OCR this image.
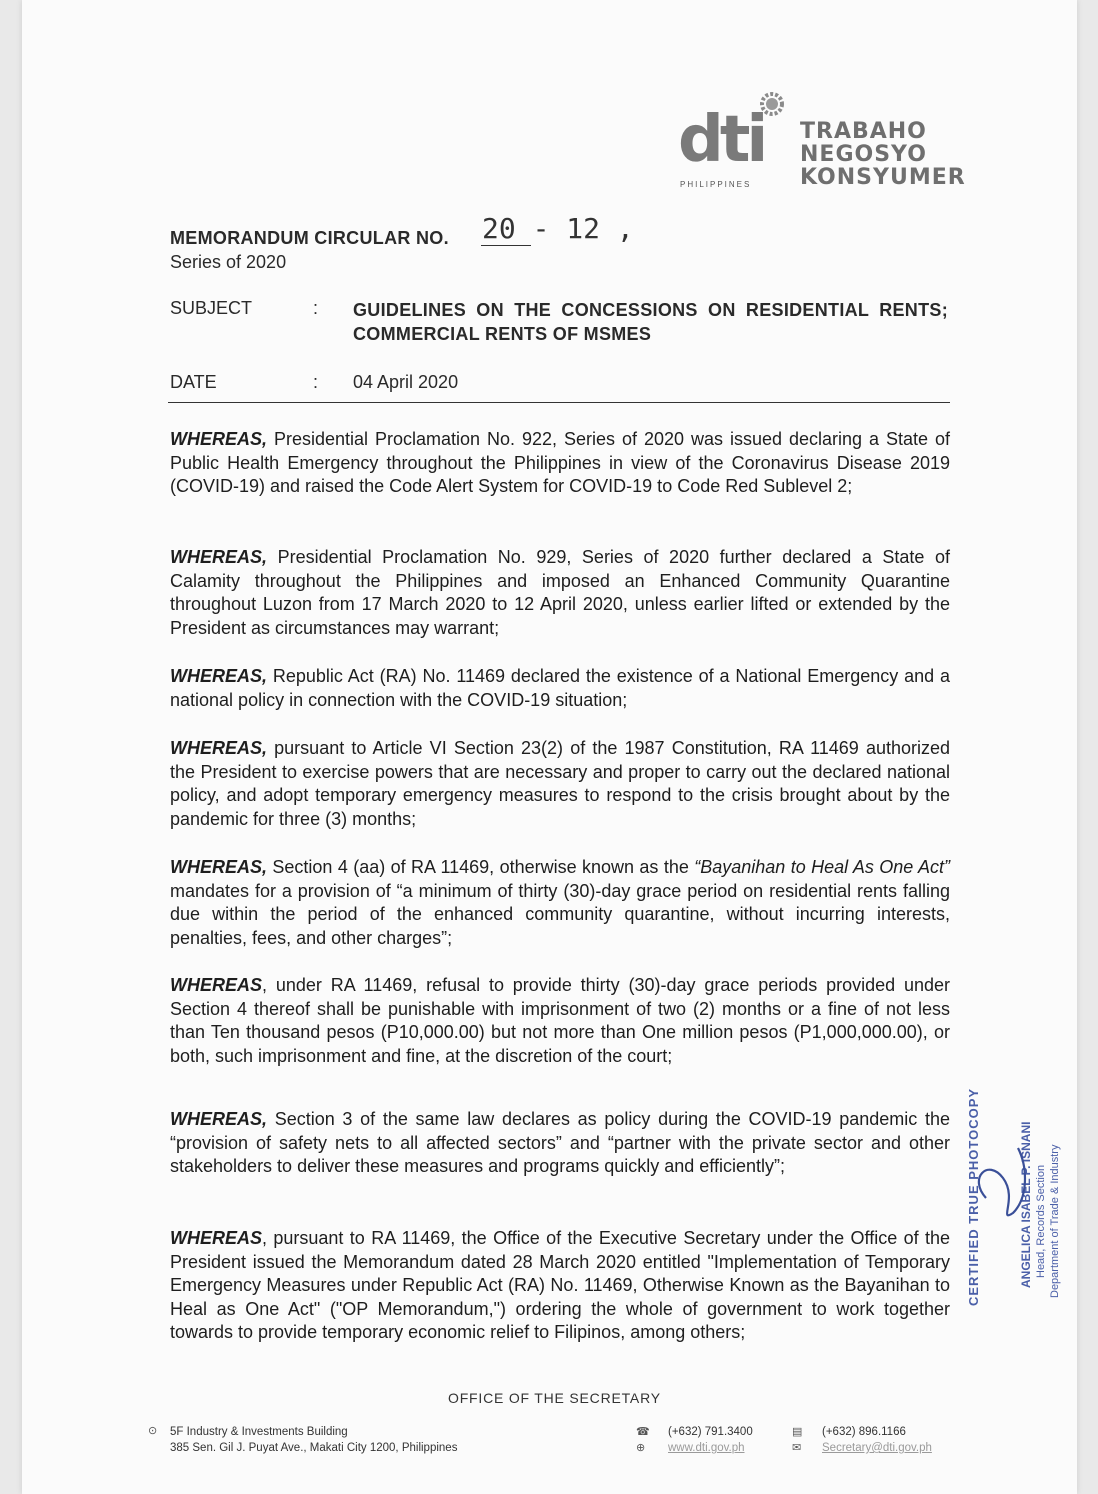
dti
PHILIPPINES
TRABAHO
NEGOSYO
KONSYUMER
MEMORANDUM CIRCULAR NO. 20 - 12 ,
Series of 2020
SUBJECT	: GUIDELINES ON THE CONCESSIONS ON RESIDENTIAL RENTS; COMMERCIAL RENTS OF MSMES
DATE	: 04 April 2020
WHEREAS, Presidential Proclamation No. 922, Series of 2020 was issued declaring a State of Public Health Emergency throughout the Philippines in view of the Coronavirus Disease 2019 (COVID-19) and raised the Code Alert System for COVID-19 to Code Red Sublevel 2;
WHEREAS, Presidential Proclamation No. 929, Series of 2020 further declared a State of Calamity throughout the Philippines and imposed an Enhanced Community Quarantine throughout Luzon from 17 March 2020 to 12 April 2020, unless earlier lifted or extended by the President as circumstances may warrant;
WHEREAS, Republic Act (RA) No. 11469 declared the existence of a National Emergency and a national policy in connection with the COVID-19 situation;
WHEREAS, pursuant to Article VI Section 23(2) of the 1987 Constitution, RA 11469 authorized the President to exercise powers that are necessary and proper to carry out the declared national policy, and adopt temporary emergency measures to respond to the crisis brought about by the pandemic for three (3) months;
WHEREAS, Section 4 (aa) of RA 11469, otherwise known as the “Bayanihan to Heal As One Act” mandates for a provision of “a minimum of thirty (30)-day grace period on residential rents falling due within the period of the enhanced community quarantine, without incurring interests, penalties, fees, and other charges”;
WHEREAS, under RA 11469, refusal to provide thirty (30)-day grace periods provided under Section 4 thereof shall be punishable with imprisonment of two (2) months or a fine of not less than Ten thousand pesos (P10,000.00) but not more than One million pesos (P1,000,000.00), or both, such imprisonment and fine, at the discretion of the court;
WHEREAS, Section 3 of the same law declares as policy during the COVID-19 pandemic the “provision of safety nets to all affected sectors” and “partner with the private sector and other stakeholders to deliver these measures and programs quickly and efficiently”;
WHEREAS, pursuant to RA 11469, the Office of the Executive Secretary under the Office of the President issued the Memorandum dated 28 March 2020 entitled "Implementation of Temporary Emergency Measures under Republic Act (RA) No. 11469, Otherwise Known as the Bayanihan to Heal as One Act" ("OP Memorandum,") ordering the whole of government to work together towards to provide temporary economic relief to Filipinos, among others;
CERTIFIED TRUE PHOTOCOPY	ANGELICA ISABEL P. ISNANI Head, Records Section Department of Trade & Industry
OFFICE OF THE SECRETARY
⊙ 5F Industry & Investments Building
385 Sen. Gil J. Puyat Ave., Makati City 1200, Philippines
☎
⊕
(+632) 791.3400
www.dti.gov.ph
▤
✉
(+632) 896.1166
Secretary@dti.gov.ph
